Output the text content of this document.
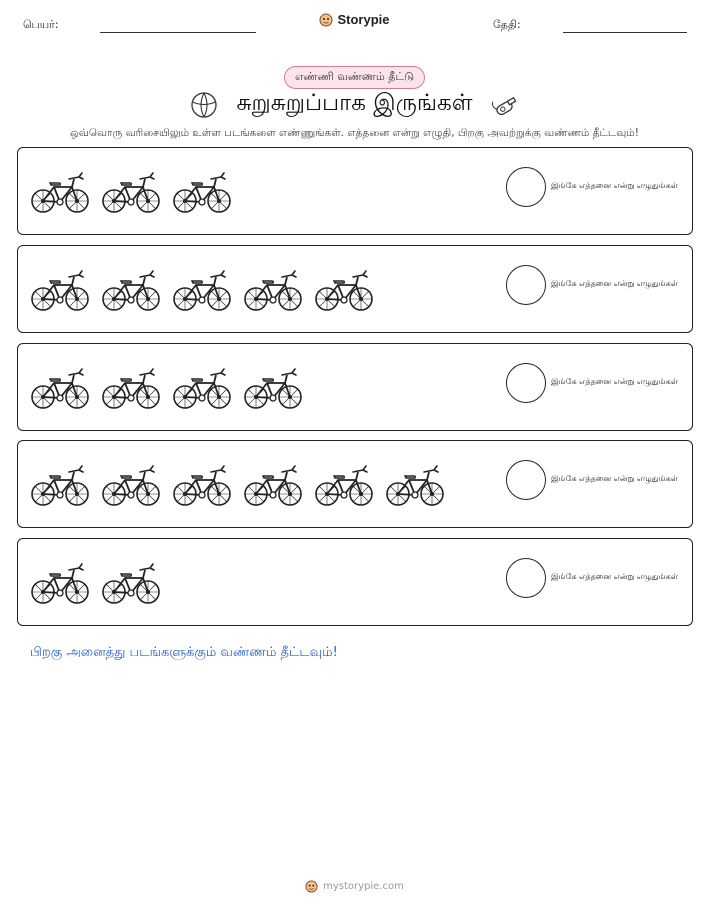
பெயர்:	Storypie	தேதி:
எண்ணி வண்ணம் தீட்டு
சுறுசுறுப்பாக இருங்கள்
ஒவ்வொரு வரிசையிலும் உள்ள படங்களை எண்ணுங்கள். எத்தனை என்று எழுதி, பிறகு அவற்றுக்கு வண்ணம் தீட்டவும்!
இங்கே எத்தனை என்று எழுதுங்கள்
இங்கே எத்தனை என்று எழுதுங்கள்
இங்கே எத்தனை என்று எழுதுங்கள்
இங்கே எத்தனை என்று எழுதுங்கள்
இங்கே எத்தனை என்று எழுதுங்கள்
பிறகு அனைத்து படங்களுக்கும் வண்ணம் தீட்டவும்!
mystorypie.com
